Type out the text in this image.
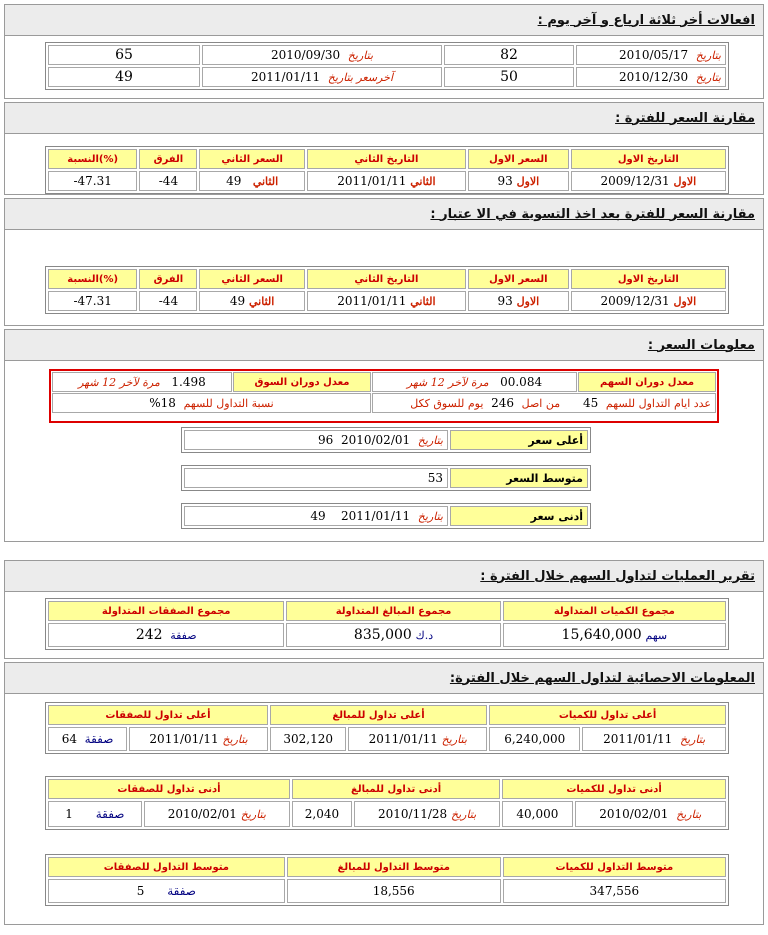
افعالات أخر ثلاثة ارباع و آخر يوم :
بتاريخ  2010/05/17	82	بتاريخ  2010/09/30	65
بتاريخ  2010/12/30	50	آخرسعر بتاريخ  2011/01/11	49
مقارنة السعر للفترة :
التاريخ الاول	السعر الاول	التاريخ الثاني	السعر الثاني	الفرق	(%)النسبة
الاول 2009/12/31	الاول 93	الثاني 2011/01/11	الثاني   49	-44	-47.31
مقارنة السعر للفترة بعد اخذ التسوية في الا عتبار :
التاريخ الاول	السعر الاول	التاريخ الثاني	السعر الثاني	الفرق	(%)النسبة
الاول 2009/12/31	الاول 93	الثاني 2011/01/11	الثاني 49	-44	-47.31
معلومات السعر :
معدل دوران السهم	00.084   مرة لآخر 12 شهر	معدل دوران السوق	1.498   مرة لآخر 12 شهر
عدد ايام التداول للسهم  45      من اصل  246  يوم للسوق ككل		نسبة التداول للسهم  18%	
أعلى سعر	بتاريخ  2010/02/01  96
متوسط السعر	53
أدنى سعر	بتاريخ  2011/01/11    49
تقرير العمليات لتداول السهم خلال الفترة :
مجموع الكميات المتداولة	مجموع المبالغ المتداولة	مجموع الصفقات المتداولة
سهم 15,640,000	د.ك 835,000	صفقة  242
المعلومات الاحصائية لتداول السهم خلال الفترة:
أعلى تداول للكميات		أعلى تداول للمبالغ		أعلى تداول للصفقات	
بتاريخ  2011/01/11	6,240,000	بتاريخ 2011/01/11	302,120	بتاريخ 2011/01/11	صفقة  64
أدنى تداول للكميات		أدنى تداول للمبالغ		أدنى تداول للصفقات	
بتاريخ  2010/02/01	40,000	بتاريخ 2010/11/28	2,040	بتاريخ 2010/02/01	صفقة      1
متوسط التداول للكميات	متوسط التداول للمبالغ	متوسط التداول للصفقات
347,556	18,556	صفقة      5
